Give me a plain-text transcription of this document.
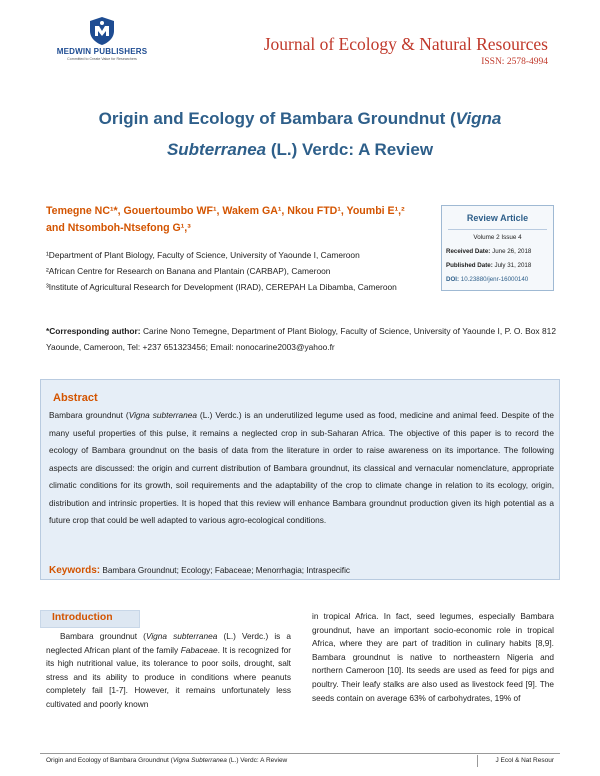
MEDWIN PUBLISHERS
Committed to Create Value for Researchers
Journal of Ecology & Natural Resources
ISSN: 2578-4994
Origin and Ecology of Bambara Groundnut (Vigna
Subterranea (L.) Verdc: A Review
Temegne NC¹*, Gouertoumbo WF¹, Wakem GA¹, Nkou FTD¹, Youmbi E¹,²
and Ntsomboh-Ntsefong G¹,³
¹Department of Plant Biology, Faculty of Science, University of Yaounde I, Cameroon
²African Centre for Research on Banana and Plantain (CARBAP), Cameroon
³Institute of Agricultural Research for Development (IRAD), CEREPAH La Dibamba, Cameroon
Review Article
Volume 2 Issue 4
Received Date: June 26, 2018
Published Date: July 31, 2018
DOI: 10.23880/jenr-16000140
*Corresponding author: Carine Nono Temegne, Department of Plant Biology, Faculty of Science, University of Yaounde I, P. O. Box 812 Yaounde, Cameroon, Tel: +237 651323456; Email: nonocarine2003@yahoo.fr
Abstract
Bambara groundnut (Vigna subterranea (L.) Verdc.) is an underutilized legume used as food, medicine and animal feed. Despite of the many useful properties of this pulse, it remains a neglected crop in sub-Saharan Africa. The objective of this paper is to record the ecology of Bambara groundnut on the basis of data from the literature in order to raise awareness on its importance. The following aspects are discussed: the origin and current distribution of Bambara groundnut, its classical and vernacular nomenclature, appropriate climatic conditions for its growth, soil requirements and the adaptability of the crop to climate change in relation to its ecology, origin, distribution and intrinsic properties. It is hoped that this review will enhance Bambara groundnut production given its high potential as a future crop that could be well adapted to various agro-ecological conditions.
Keywords: Bambara Groundnut; Ecology; Fabaceae; Menorrhagia; Intraspecific
Introduction

Bambara groundnut (Vigna subterranea (L.) Verdc.) is a neglected African plant of the family Fabaceae. It is recognized for its high nutritional value, its tolerance to poor soils, drought, salt stress and its ability to produce in conditions where peanuts completely fail [1-7]. However, it remains unfortunately less cultivated and poorly known

in tropical Africa. In fact, seed legumes, especially Bambara groundnut, have an important socio-economic role in tropical Africa, where they are part of tradition in culinary habits [8,9]. Bambara groundnut is native to northeastern Nigeria and northern Cameroon [10]. Its seeds are used as feed for pigs and poultry. Their leafy stalks are also used as livestock feed [9]. The seeds contain on average 63% of carbohydrates, 19% of
Origin and Ecology of Bambara Groundnut (Vigna Subterranea (L.) Verdc: A Review	J Ecol & Nat Resour
